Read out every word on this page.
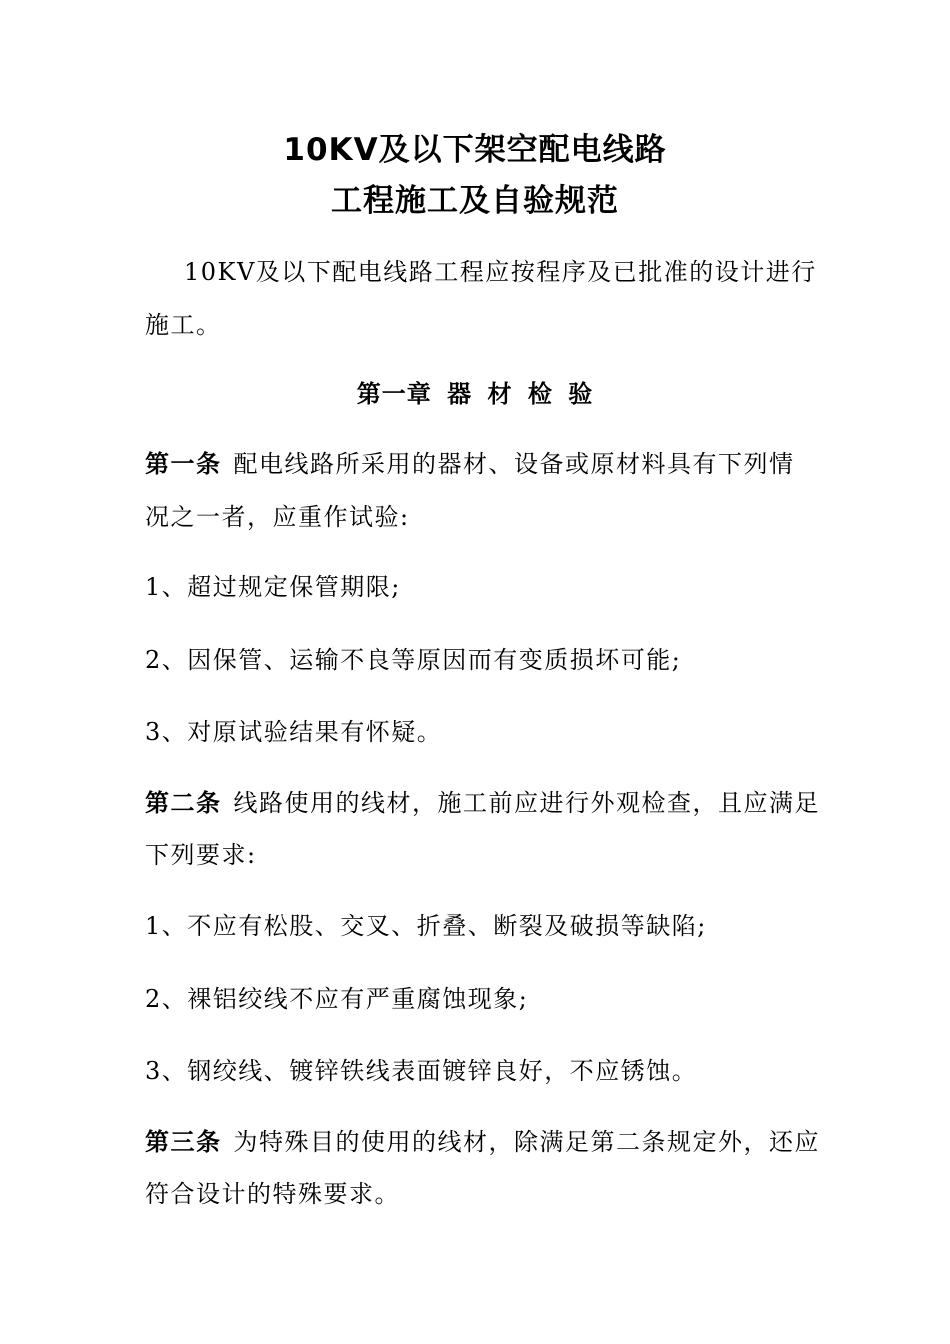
10KV及以下架空配电线路
工程施工及自验规范
10KV及以下配电线路工程应按程序及已批准的设计进行
施工。
第一章 器 材 检 验
第一条 配电线路所采用的器材、设备或原材料具有下列情
况之一者，应重作试验:
1、超过规定保管期限;
2、因保管、运输不良等原因而有变质损坏可能;
3、对原试验结果有怀疑。
第二条 线路使用的线材，施工前应进行外观检查，且应满足
下列要求:
1、不应有松股、交叉、折叠、断裂及破损等缺陷;
2、裸铝绞线不应有严重腐蚀现象;
3、钢绞线、镀锌铁线表面镀锌良好，不应锈蚀。
第三条 为特殊目的使用的线材，除满足第二条规定外，还应
符合设计的特殊要求。
